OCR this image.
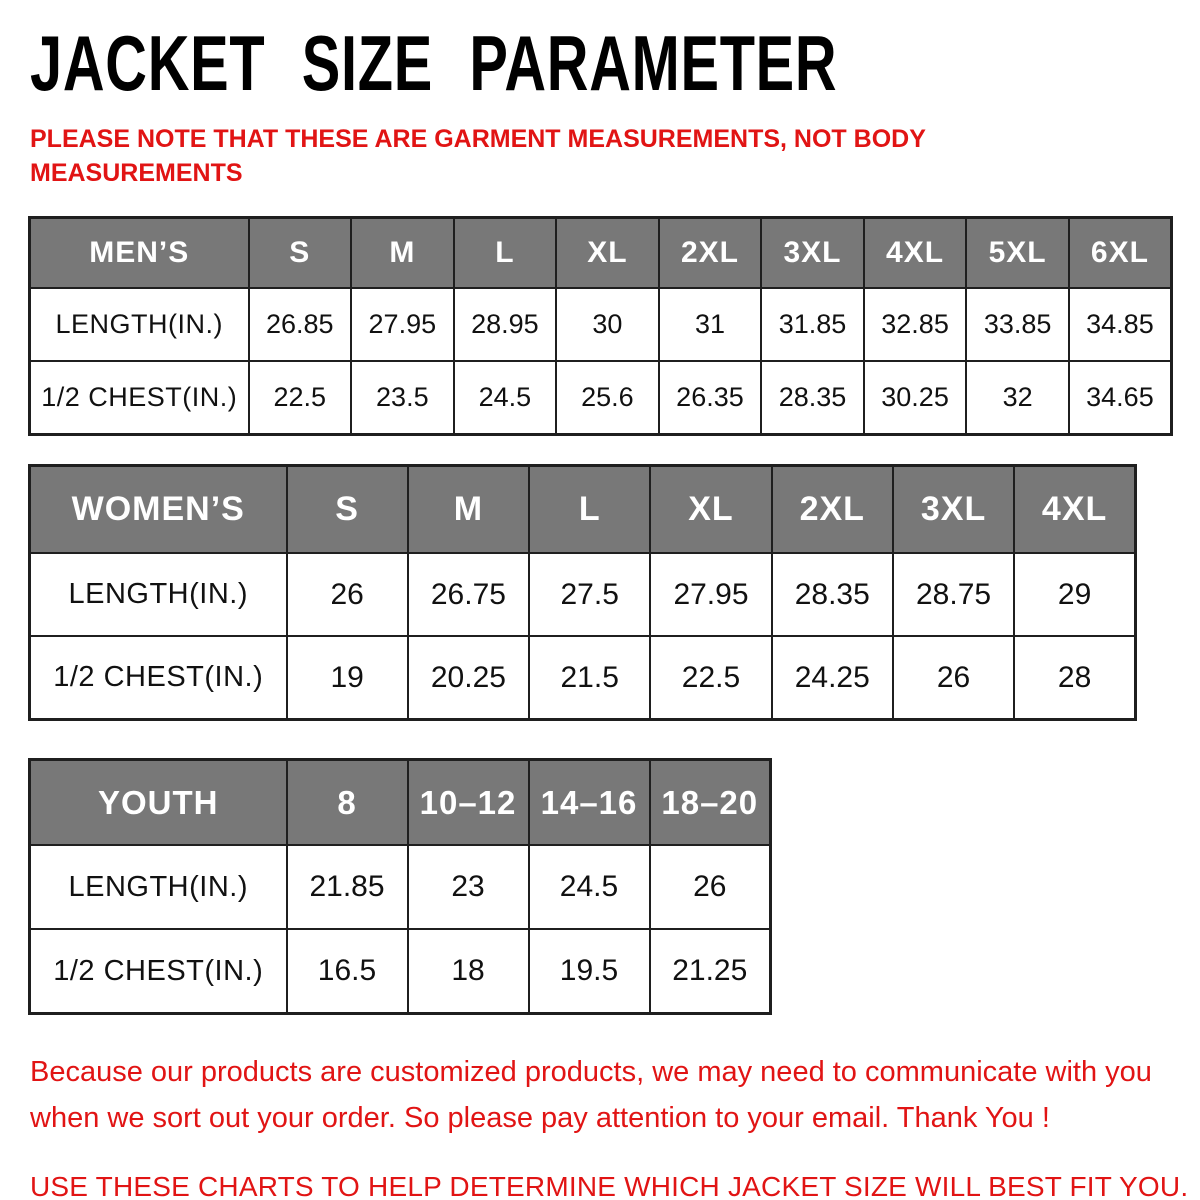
JACKET SIZE PARAMETER

PLEASE NOTE THAT THESE ARE GARMENT MEASUREMENTS, NOT BODY
MEASUREMENTS

MEN’S	S	M	L	XL	2XL	3XL	4XL	5XL	6XL
LENGTH(IN.)	26.85	27.95	28.95	30	31	31.85	32.85	33.85	34.85
1/2 CHEST(IN.)	22.5	23.5	24.5	25.6	26.35	28.35	30.25	32	34.65
WOMEN’S	S	M	L	XL	2XL	3XL	4XL
LENGTH(IN.)	26	26.75	27.5	27.95	28.35	28.75	29
1/2 CHEST(IN.)	19	20.25	21.5	22.5	24.25	26	28
YOUTH	8	10–12	14–16	18–20
LENGTH(IN.)	21.85	23	24.5	26
1/2 CHEST(IN.)	16.5	18	19.5	21.25

Because our products are customized products, we may need to communicate with you
when we sort out your order. So please pay attention to your email. Thank You !

USE THESE CHARTS TO HELP DETERMINE WHICH JACKET SIZE WILL BEST FIT YOU.
